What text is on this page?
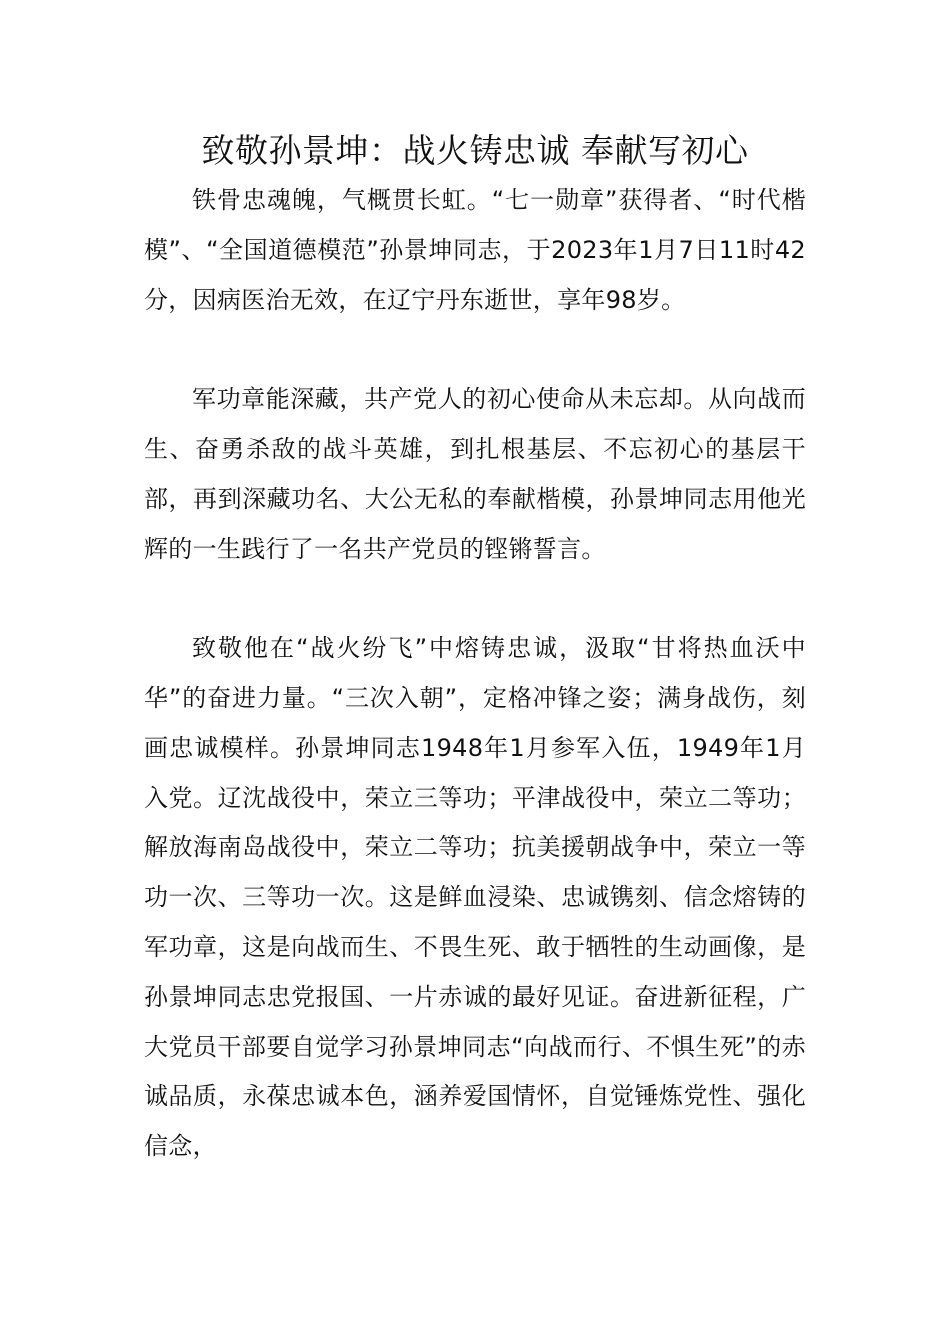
致敬孙景坤：战火铸忠诚 奉献写初心

铁骨忠魂魄，气概贯长虹。“七一勋章”获得者、“时代楷模”、“全国道德模范”孙景坤同志，于2023年1月7日11时42分，因病医治无效，在辽宁丹东逝世，享年98岁。

军功章能深藏，共产党人的初心使命从未忘却。从向战而生、奋勇杀敌的战斗英雄，到扎根基层、不忘初心的基层干部，再到深藏功名、大公无私的奉献楷模，孙景坤同志用他光辉的一生践行了一名共产党员的铿锵誓言。

致敬他在“战火纷飞”中熔铸忠诚，汲取“甘将热血沃中华”的奋进力量。“三次入朝”，定格冲锋之姿；满身战伤，刻画忠诚模样。孙景坤同志1948年1月参军入伍，1949年1月入党。辽沈战役中，荣立三等功；平津战役中，荣立二等功；解放海南岛战役中，荣立二等功；抗美援朝战争中，荣立一等功一次、三等功一次。这是鲜血浸染、忠诚镌刻、信念熔铸的军功章，这是向战而生、不畏生死、敢于牺牲的生动画像，是孙景坤同志忠党报国、一片赤诚的最好见证。奋进新征程，广大党员干部要自觉学习孙景坤同志“向战而行、不惧生死”的赤诚品质，永葆忠诚本色，涵养爱国情怀，自觉锤炼党性、强化信念，
